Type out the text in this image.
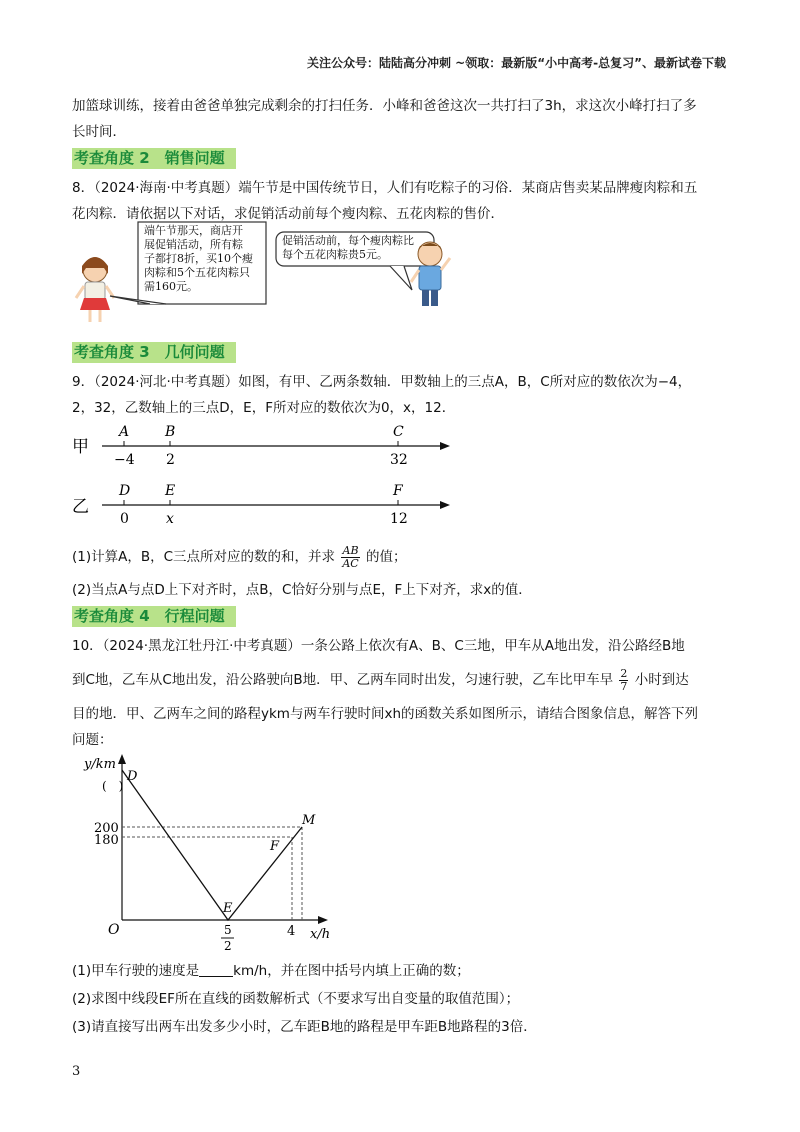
关注公众号：陆陆高分冲刺 ~领取：最新版“小中高考-总复习”、最新试卷下载
加篮球训练，接着由爸爸单独完成剩余的打扫任务．小峰和爸爸这次一共打扫了3h，求这次小峰打扫了多
长时间．
考查角度 2　销售问题
8．（2024·海南·中考真题）端午节是中国传统节日，人们有吃粽子的习俗．某商店售卖某品牌瘦肉粽和五
花肉粽．请依据以下对话，求促销活动前每个瘦肉粽、五花肉粽的售价．
端午节那天，商店开
展促销活动，所有粽
子都打8折，买10个瘦
肉粽和5个五花肉粽只
需160元。
促销活动前，每个瘦肉粽比
每个五花肉粽贵5元。
考查角度 3　几何问题
9．（2024·河北·中考真题）如图，有甲、乙两条数轴．甲数轴上的三点A，B，C所对应的数依次为−4，
2，32，乙数轴上的三点D，E，F所对应的数依次为0，x，12．
甲
A	B	C
−4 2	32
乙
D E	F
0	x	12
(1)计算A，B，C三点所对应的数的和，并求 $\frac{AB}{AC}$ 的值；
(2)当点A与点D上下对齐时，点B，C恰好分别与点E，F上下对齐，求x的值．
考查角度 4　行程问题
10．（2024·黑龙江牡丹江·中考真题）一条公路上依次有A、B、C三地，甲车从A地出发，沿公路经B地
到C地，乙车从C地出发，沿公路驶向B地．甲、乙两车同时出发，匀速行驶，乙车比甲车早 $\frac{2}{7}$ 小时到达
目的地．甲、乙两车之间的路程ykm与两车行驶时间xh的函数关系如图所示，请结合图象信息，解答下列
问题：
y/km
x/h
O
(　)
200
180
4
5
2
D
E
F
M
(1)甲车行驶的速度是	km/h，并在图中括号内填上正确的数；
(2)求图中线段EF所在直线的函数解析式（不要求写出自变量的取值范围）；
(3)请直接写出两车出发多少小时，乙车距B地的路程是甲车距B地路程的3倍．
3
